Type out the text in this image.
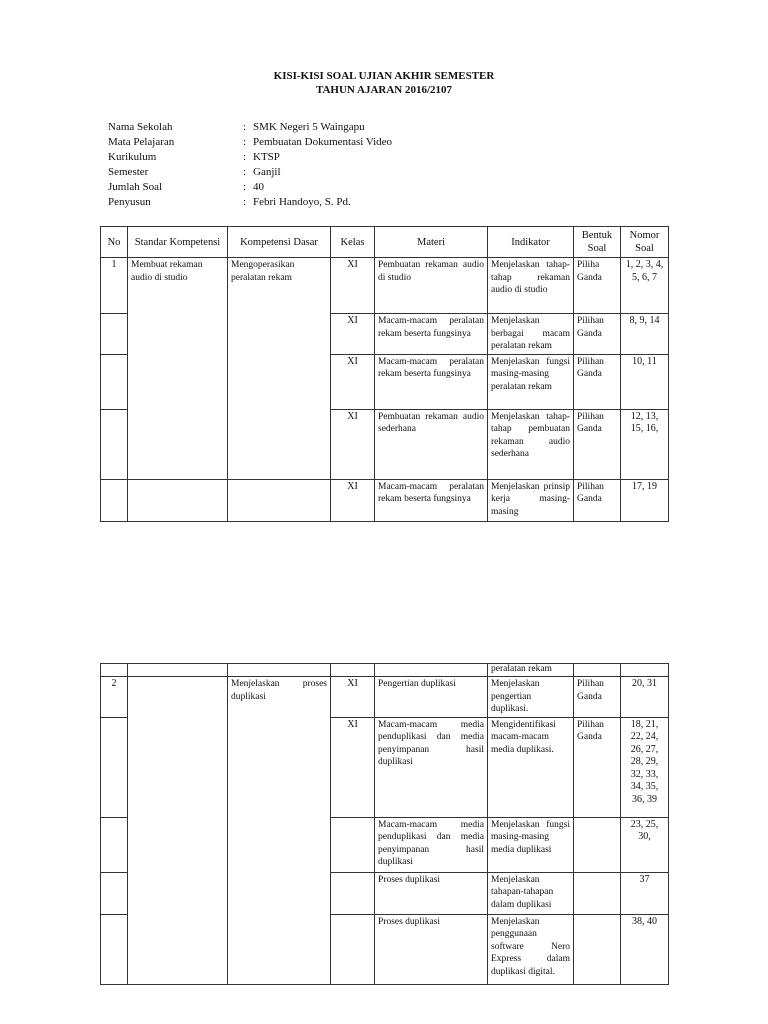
KISI-KISI SOAL UJIAN AKHIR SEMESTER
TAHUN AJARAN 2016/2107
Nama Sekolah	: SMK Negeri 5 Waingapu
Mata Pelajaran	: Pembuatan Dokumentasi Video
Kurikulum	: KTSP
Semester	: Ganjil
Jumlah Soal	: 40
Penyusun	: Febri Handoyo, S. Pd.
No	Standar Kompetensi	Kompetensi Dasar	Kelas	Materi	Indikator	Bentuk Soal	Nomor Soal
1	Membuat rekaman audio di studio	Mengoperasikan peralatan rekam	XI	Pembuatan rekaman audio di studio	Menjelaskan tahap-tahap rekaman audio di studio	Piliha Ganda	1, 2, 3, 4, 5, 6, 7
			XI	Macam-macam peralatan rekam beserta fungsinya	Menjelaskan berbagai macam peralatan rekam	Pilihan Ganda	8, 9, 14
			XI	Macam-macam peralatan rekam beserta fungsinya	Menjelaskan fungsi masing-masing peralatan rekam	Pilihan Ganda	10, 11
			XI	Pembuatan rekaman audio sederhana	Menjelaskan tahap-tahap pembuatan rekaman audio sederhana	Pilihan Ganda	12, 13, 15, 16,
			XI	Macam-macam peralatan rekam beserta fungsinya	Menjelaskan prinsip kerja masing-masing	Pilihan Ganda	17, 19
					peralatan rekam		
2		Menjelaskan proses duplikasi	XI	Pengertian duplikasi	Menjelaskan pengertian duplikasi.	Pilihan Ganda	20, 31
			XI	Macam-macam media penduplikasi dan media penyimpanan hasil duplikasi	Mengidentifikasi macam-macam media duplikasi.	Pilihan Ganda	18, 21, 22, 24, 26, 27, 28, 29, 32, 33, 34, 35, 36, 39
				Macam-macam media penduplikasi dan media penyimpanan hasil duplikasi	Menjelaskan fungsi masing-masing media duplikasi		23, 25, 30,
				Proses duplikasi	Menjelaskan tahapan-tahapan dalam duplikasi		37
				Proses duplikasi	Menjelaskan penggunaan software Nero Express dalam duplikasi digital.		38, 40
